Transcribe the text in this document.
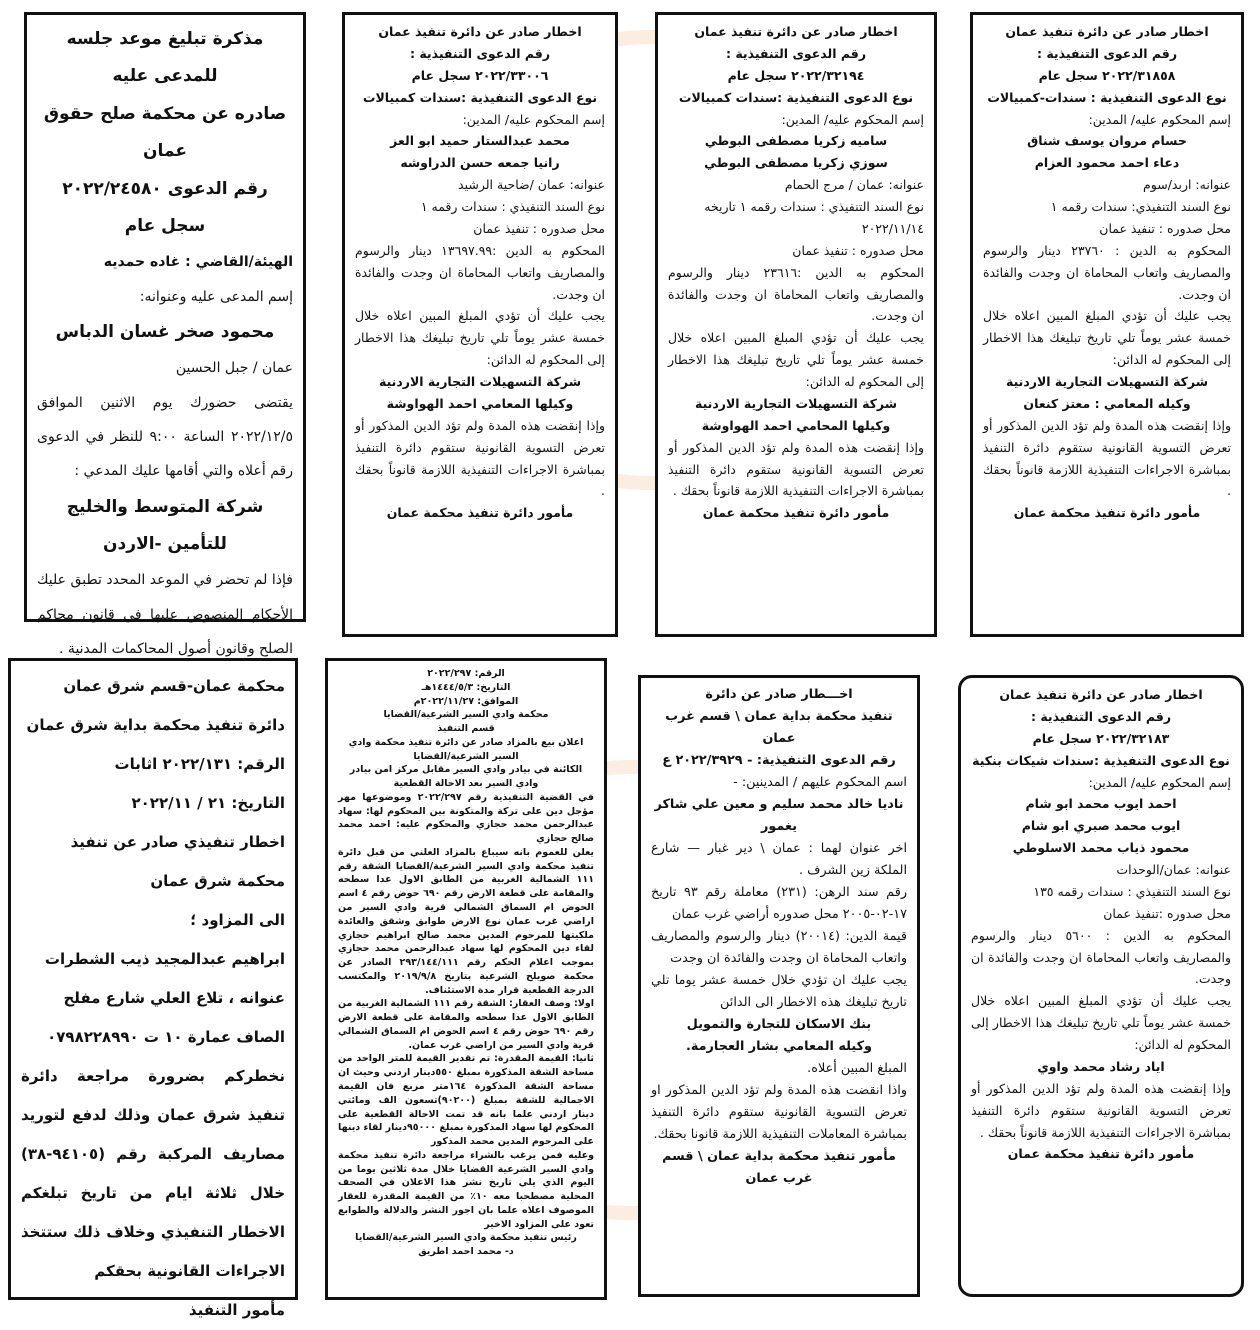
اخطار صادر عن دائرة تنفيذ عمان

رقم الدعوى التنفيذية :

٢٠٢٢/٣١٨٥٨ سجل عام

نوع الدعوى التنفيذية : سندات-كمبيالات

إسم المحكوم عليه/ المدين:

حسام مروان يوسف شناق

دعاء احمد محمود العزام

عنوانه: اربد/سوم

نوع السند التنفيذي: سندات رقمه ١

محل صدوره : تنفيذ عمان

المحكوم به الدين : ٢٣٧٦٠ دينار والرسوم والمصاريف واتعاب المحاماة ان وجدت والفائدة ان وجدت.

يجب عليك أن تؤدي المبلغ المبين اعلاه خلال خمسة عشر يوماً تلي تاريخ تبليغك هذا الاخطار إلى المحكوم له الدائن:

شركة التسهيلات التجارية الاردنية

وكيله المعامي : معتز كنعان

وإذا إنقضت هذه المدة ولم تؤد الدين المذكور أو تعرض التسوية القانونية ستقوم دائرة التنفيذ بمباشرة الاجراءات التنفيذية اللازمة قانوناً بحقك .

مأمور دائرة تنفيذ محكمة عمان

اخطار صادر عن دائرة تنفيذ عمان

رقم الدعوى التنفيذية :

٢٠٢٢/٣٢١٩٤ سجل عام

نوع الدعوى التنفيذية :سندات كمبيالات

إسم المحكوم عليه/ المدين:

ساميه زكريا مصطفى البوطي

سوزي زكريا مصطفى البوطي

عنوانه: عمان / مرج الحمام

نوع السند التنفيذي : سندات رقمه ١ تاريخه ٢٠٢٢/١١/١٤

محل صدوره : تنفيذ عمان

المحكوم به الدين :٢٣٦١٦ دينار والرسوم والمصاريف واتعاب المحاماة ان وجدت والفائدة ان وجدت.

يجب عليك أن تؤدي المبلغ المبين اعلاه خلال خمسة عشر يوماً تلي تاريخ تبليغك هذا الاخطار إلى المحكوم له الدائن:

شركة التسهيلات التجارية الاردنية

وكيلها المحامي احمد الهواوشة

وإذا إنقضت هذه المدة ولم تؤد الدين المذكور أو تعرض التسوية القانونية ستقوم دائرة التنفيذ بمباشرة الاجراءات التنفيذية اللازمة قانوناً بحقك .

مأمور دائرة تنفيذ محكمة عمان

اخطار صادر عن دائرة تنفيذ عمان

رقم الدعوى التنفيذية :

٢٠٢٢/٣٣٠٠٦ سجل عام

نوع الدعوى التنفيذية :سندات كمبيالات

إسم المحكوم عليه/ المدين:

محمد عبدالستار حميد ابو العز

رانيا جمعه حسن الدراوشه

عنوانه: عمان /ضاحية الرشيد

نوع السند التنفيذي : سندات رقمه ١

محل صدوره : تنفيذ عمان

المحكوم به الدين :١٣٦٩٧.٩٩ دينار والرسوم والمصاريف واتعاب المحاماة ان وجدت والفائدة ان وجدت.

يجب عليك أن تؤدي المبلغ المبين اعلاه خلال خمسة عشر يوماً تلي تاريخ تبليغك هذا الاخطار إلى المحكوم له الدائن:

شركة التسهيلات التجارية الاردنية

وكيلها المعامي احمد الهواوشة

وإذا إنقضت هذه المدة ولم تؤد الدين المذكور أو تعرض التسوية القانونية ستقوم دائرة التنفيذ بمباشرة الاجراءات التنفيذية اللازمة قانوناً بحقك .

مأمور دائرة تنفيذ محكمة عمان

مذكرة تبليغ موعد جلسه للمدعى عليه

صادره عن محكمة صلح حقوق عمان

رقم الدعوى ٢٠٢٢/٢٤٥٨٠

سجل عام

الهيئة/القاضي : غاده حمديه

إسم المدعى عليه وعنوانه:

محمود صخر غسان الدباس

عمان / جبل الحسين

يقتضى حضورك يوم الاثنين الموافق ٢٠٢٢/١٢/٥ الساعة ٩:٠٠ للنظر في الدعوى رقم أعلاه والتي أقامها عليك المدعي :

شركة المتوسط والخليج للتأمين -الاردن

فإذا لم تحضر في الموعد المحدد تطبق عليك الأحكام المنصوص عليها في قانون محاكم الصلح وقانون أصول المحاكمات المدنية .

اخطار صادر عن دائرة تنفيذ عمان

رقم الدعوى التنفيذية :

٢٠٢٢/٣٢١٨٣ سجل عام

نوع الدعوى التنفيذية :سندات شيكات بنكية

إسم المحكوم عليه/ المدين:

احمد ايوب محمد ابو شام

ايوب محمد صبري ابو شام

محمود ذياب محمد الاسلوطي

عنوانه: عمان/الوحدات

نوع السند التنفيذي : سندات رقمه ١٣٥

محل صدوره :تنفيذ عمان

المحكوم به الدين : ٥٦٠٠ دينار والرسوم والمصاريف واتعاب المحاماة ان وجدت والفائدة ان وجدت.

يجب عليك أن تؤدي المبلغ المبين اعلاه خلال خمسة عشر يوماً تلي تاريخ تبليغك هذا الاخطار إلى المحكوم له الدائن:

اياد رشاد محمد واوي

وإذا إنقضت هذه المدة ولم تؤد الدين المذكور أو تعرض التسوية القانونية ستقوم دائرة التنفيذ بمباشرة الاجراءات التنفيذية اللازمة قانوناً بحقك .

مأمور دائرة تنفيذ محكمة عمان

اخـــطار صادر عن دائرة

تنفيذ محكمة بداية عمان \ قسم غرب عمان

رقم الدعوى التنفيذية: - ٢٠٢٢/٣٩٢٩ ع

اسم المحكوم عليهم / المدينين: -

ناديا خالد محمد سليم و معين علي شاكر يغمور

اخر عنوان لهما : عمان \ دير غبار — شارع الملكة زين الشرف .

رقم سند الرهن: (٢٣١) معاملة رقم ٩٣ تاريخ ١٧-٠٢-٢٠٠٥ محل صدوره أراضي غرب عمان

قيمة الدين: (٢٠٠١٤) دينار والرسوم والمصاريف واتعاب المحاماة ان وجدت والفائدة ان وجدت

يجب عليك ان تؤدي خلال خمسة عشر يوما تلي تاريخ تبليغك هذه الاخطار الى الدائن

بنك الاسكان للتجارة والتمويل

وكيله المعامي بشار العجارمة.

المبلغ المبين أعلاه.

واذا انقضت هذه المدة ولم تؤد الدين المذكور او تعرض التسوية القانونية ستقوم دائرة التنفيذ بمباشرة المعاملات التنفيذية اللازمة قانونا بحقك.

مأمور تنفيذ محكمة بداية عمان \ قسم غرب عمان

الرقم: ٢٠٢٢/٢٩٧

التاريخ: ١٤٤٤/٥/٣هـ

الموافق: ٢٠٢٢/١١/٢٧م

محكمة وادي السير الشرعية/القضايا

قسم التنفيذ

اعلان بيع بالمزاد صادر عن دائرة تنفيذ محكمة وادي السير الشرعية/القضايا

الكائنة في بيادر وادي السير مقابل مركز امن بيادر وادي السير بعد الاحالة القطعية

في القضية التنفيذية رقم ٢٠٢٢/٢٩٧ وموضوعها مهر مؤجل دين على تركة والمتكونة بين المحكوم لها: سهاد عبدالرحمن محمد حجازي والمحكوم عليه: احمد محمد صالح حجازي

يعلن للعموم بانه سيباع بالمزاد العلني من قبل دائرة تنفيذ محكمة وادي السير الشرعية/القضايا الشقة رقم ١١١ الشمالية الغربية من الطابق الاول عدا سطحه والمقامة على قطعة الارض رقم ٦٩٠ حوض رقم ٤ اسم الحوض ام السماق الشمالي قرية وادي السير من اراضي غرب عمان نوع الارض طوابق وشقق والعائدة ملكيتها للمرحوم المدين محمد صالح ابراهيم حجازي لقاء دين المحكوم لها سهاد عبدالرحمن محمد حجازي بموجب اعلام الحكم رقم ٢٩٣/١٤٤/١١١ الصادر عن محكمة صويلح الشرعية بتاريخ ٢٠١٩/٩/٨ والمكتسب الدرجة القطعية قرار مدة الاستئناف.

اولا: وصف العقار: الشقة رقم ١١١ الشمالية الغربية من الطابق الاول عدا سطحه والمقامة على قطعة الارض رقم ٦٩٠ حوض رقم ٤ اسم الحوض ام السماق الشمالي قرية وادي السير من اراضي غرب عمان.

ثانيا: القيمة المقدرة: تم تقدير القيمة للمتر الواحد من مساحة الشقة المذكورة بمبلغ ٥٥٠دينار اردني وحيث ان مساحة الشقة المذكورة ١٦٤متر مربع فان القيمة الاجمالية للشقة بمبلغ (٩٠٢٠٠)تسعون الف ومائتي دينار اردني علما بانه قد تمت الاحالة القطعية على المحكوم لها سهاد المذكورة بمبلغ ٩٥٠٠٠دينار لقاء دينها على المرحوم المدين محمد المذكور

وعليه فمن يرغب بالشراء مراجعة دائرة تنفيذ محكمة وادي السير الشرعية القضايا خلال مدة ثلاثين يوما من اليوم الذي يلي تاريخ نشر هذا الاعلان في الصحف المحلية مصطحبا معه ١٠٪ من القيمة المقدرة للعقار الموصوف اعلاه علما بان اجور النشر والدلالة والطوابع تعود على المزاود الاخير

رئيس تنفيذ محكمة وادي السير الشرعية/القضايا

د- محمد احمد اطريق

محكمة عمان-قسم شرق عمان

دائرة تنفيذ محكمة بداية شرق عمان

الرقم: ٢٠٢٢/١٣١ اثابات

التاريخ: ٢١ / ٢٠٢٢/١١

اخطار تنفيذي صادر عن تنفيذ محكمة شرق عمان

الى المزاود ؛

ابراهيم عبدالمجيد ذيب الشطرات

عنوانه ، تلاع العلي شارع مفلح الصاف عمارة ١٠ ت ٠٧٩٨٢٢٨٩٩٠

نخطركم بضرورة مراجعة دائرة تنفيذ شرق عمان وذلك لدفع لتوريد مصاريف المركبة رقم (٩٤١٠٥-٣٨) خلال ثلاثة ايام من تاريخ تبلغكم الاخطار التنفيذي وخلاف ذلك ستتخذ الاجراءات القانونية بحقكم

مأمور التنفيذ
